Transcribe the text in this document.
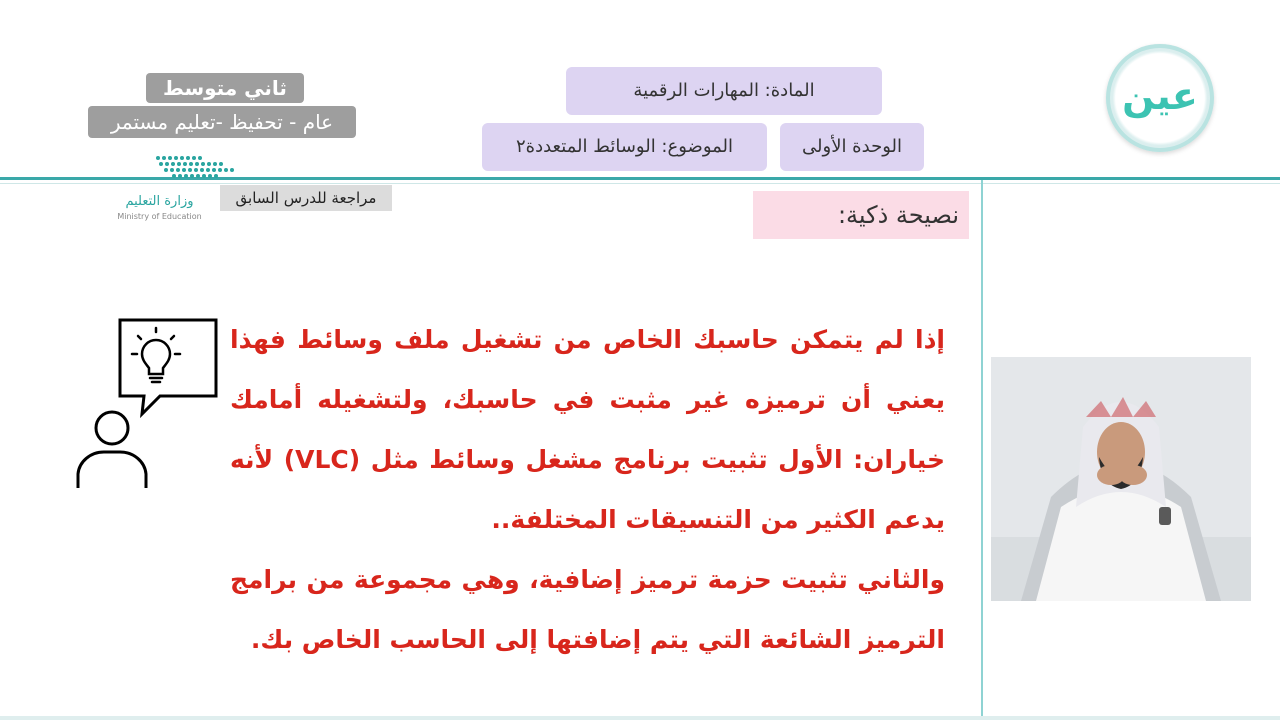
ثاني متوسط
عام - تحفيظ -تعليم مستمر
المادة: المهارات الرقمية
الوحدة الأولى
الموضوع: الوسائط المتعددة٢
وزارة التعليم
Ministry of Education
مراجعة للدرس السابق
نصيحة ذكية:

إذا لم يتمكن حاسبك الخاص من تشغيل ملف وسائط فهذا يعني أن ترميزه غير مثبت في حاسبك، ولتشغيله أمامك خياران: الأول تثبيت برنامج مشغل وسائط مثل (VLC) لأنه يدعم الكثير من التنسيقات المختلفة..

والثاني تثبيت حزمة ترميز إضافية، وهي مجموعة من برامج الترميز الشائعة التي يتم إضافتها إلى الحاسب الخاص بك.

عين
